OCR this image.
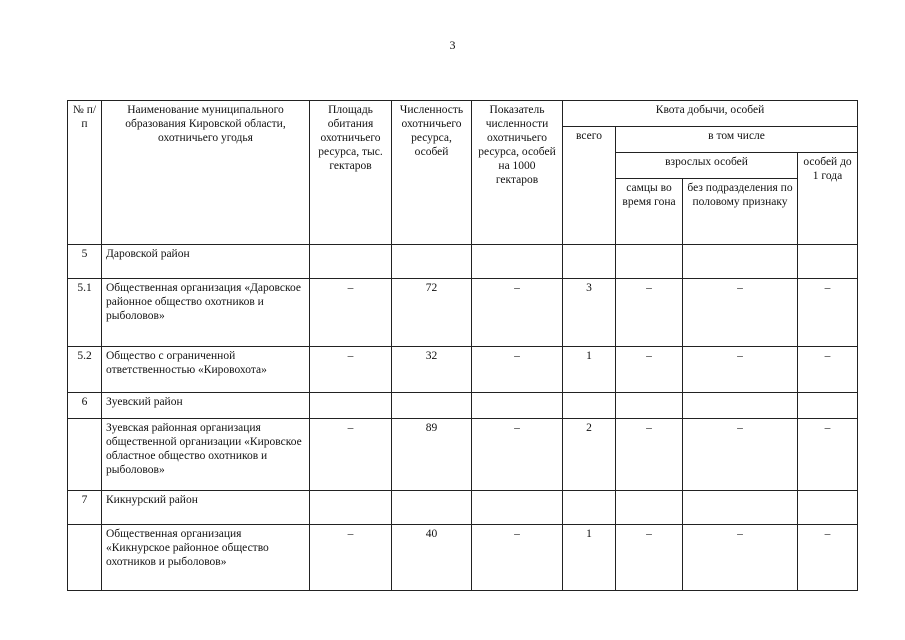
3
№ п/п	Наименование муниципального образования Кировской области, охотничьего угодья	Площадь обитания охотничьего ресурса, тыс. гектаров	Численность охотничьего ресурса, особей	Показатель численности охотничьего ресурса, особей на 1000 гектаров	Квота добычи, особей			
					всего	в том числе		
						взрослых особей		особей до 1 года
						самцы во время гона	без подразделения по половому признаку	
5	Даровской район							
5.1	Общественная организация «Даровское районное общество охотников и рыболовов»	–	72	–	3	–	–	–
5.2	Общество с ограниченной ответственностью «Кировохота»	–	32	–	1	–	–	–
6	Зуевский район							
	Зуевская районная организация общественной организации «Кировское областное общество охотников и рыболовов»	–	89	–	2	–	–	–
7	Кикнурский район							
	Общественная организация «Кикнурское районное общество охотников и рыболовов»	–	40	–	1	–	–	–
